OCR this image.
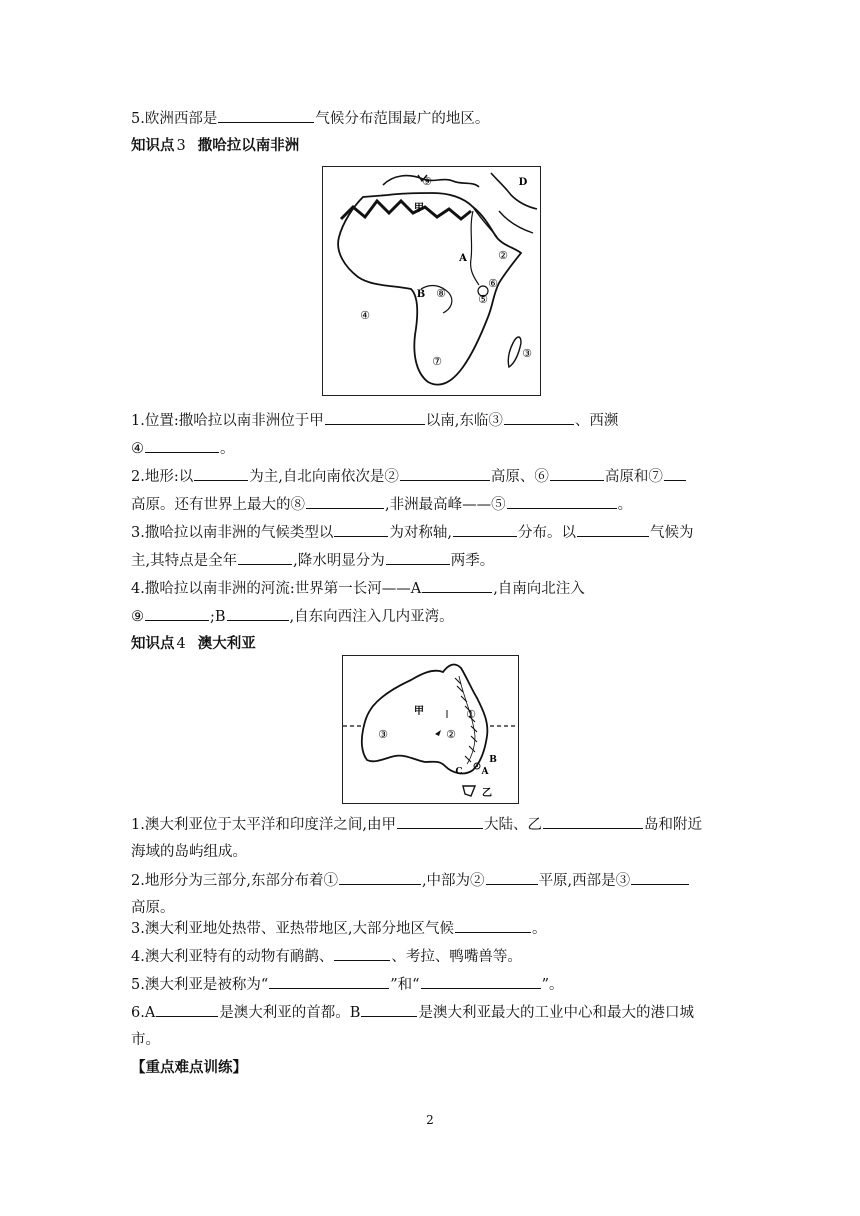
5.欧洲西部是	气候分布范围最广的地区。
知识点 3 撒哈拉以南非洲
⑨	D
甲
A	②
⑥
B ⑧	⑤
④
⑦
③
1.位置:撒哈拉以南非洲位于甲	以南,东临③	、西濒
④	。
2.地形:以	为主,自北向南依次是②	高原、⑥	高原和⑦
高原。还有世界上最大的⑧	,非洲最高峰——⑤	。
3.撒哈拉以南非洲的气候类型以	为对称轴,	分布。以	气候为
主,其特点是全年	,降水明显分为	两季。
4.撒哈拉以南非洲的河流:世界第一长河——A	,自南向北注入
⑨	;B	,自东向西注入几内亚湾。
知识点 4 澳大利亚
甲	①
③	②
B
C A
乙
1.澳大利亚位于太平洋和印度洋之间,由甲	大陆、乙	岛和附近
海域的岛屿组成。
2.地形分为三部分,东部分布着①	,中部为②	平原,西部是③
高原。
3.澳大利亚地处热带、亚热带地区,大部分地区气候	。
4.澳大利亚特有的动物有鸸鹋、	、考拉、鸭嘴兽等。
5.澳大利亚是被称为“	”和“	”。
6.A	是澳大利亚的首都。B	是澳大利亚最大的工业中心和最大的港口城
市。
【重点难点训练】
2
